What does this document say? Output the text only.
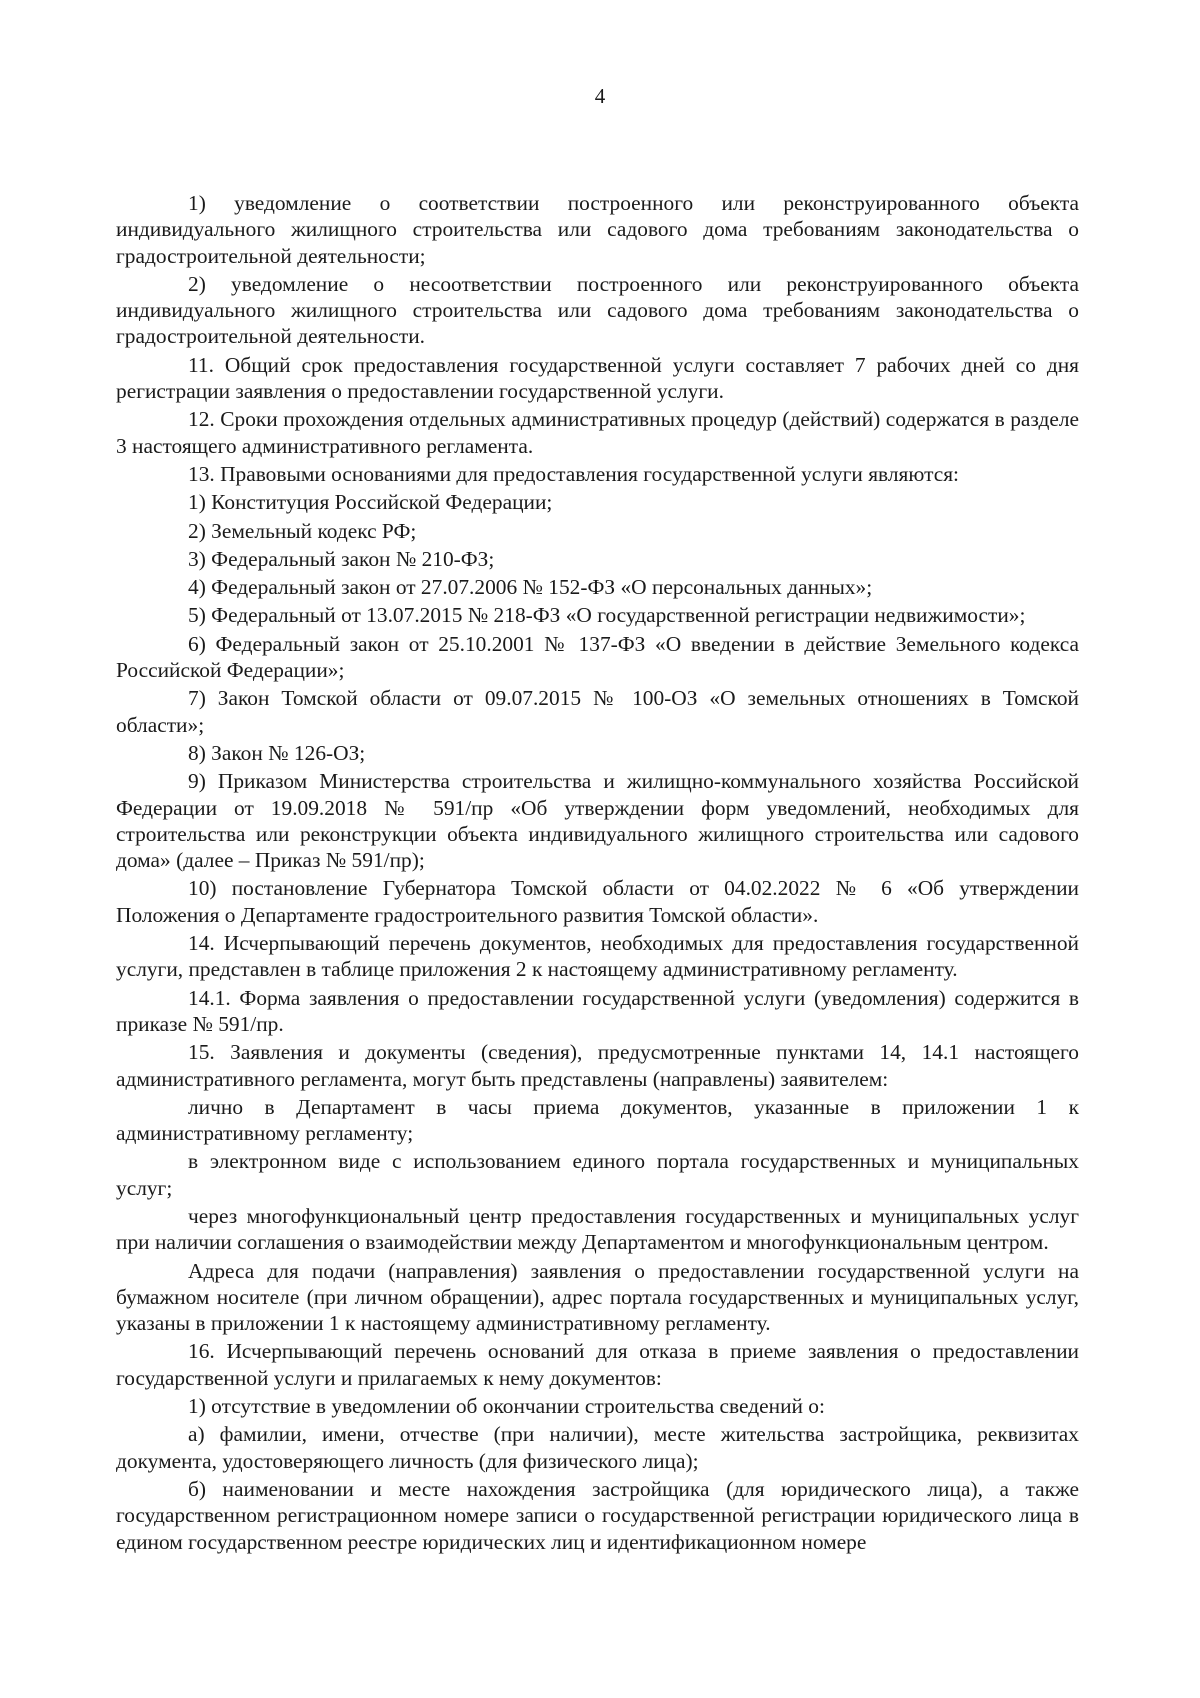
4

1) уведомление о соответствии построенного или реконструированного объекта индивидуального жилищного строительства или садового дома требованиям законодательства о градостроительной деятельности;

2) уведомление о несоответствии построенного или реконструированного объекта индивидуального жилищного строительства или садового дома требованиям законодательства о градостроительной деятельности.

11. Общий срок предоставления государственной услуги составляет 7 рабочих дней со дня регистрации заявления о предоставлении государственной услуги.

12. Сроки прохождения отдельных административных процедур (действий) содержатся в разделе 3 настоящего административного регламента.

13. Правовыми основаниями для предоставления государственной услуги являются:

1) Конституция Российской Федерации;

2) Земельный кодекс РФ;

3) Федеральный закон № 210-ФЗ;

4) Федеральный закон от 27.07.2006 № 152-ФЗ «О персональных данных»;

5) Федеральный от 13.07.2015 № 218-ФЗ «О государственной регистрации недвижимости»;

6) Федеральный закон от 25.10.2001 № 137-ФЗ «О введении в действие Земельного кодекса Российской Федерации»;

7) Закон Томской области от 09.07.2015 № 100-ОЗ «О земельных отношениях в Томской области»;

8) Закон № 126-ОЗ;

9) Приказом Министерства строительства и жилищно-коммунального хозяйства Российской Федерации от 19.09.2018 № 591/пр «Об утверждении форм уведомлений, необходимых для строительства или реконструкции объекта индивидуального жилищного строительства или садового дома» (далее – Приказ № 591/пр);

10) постановление Губернатора Томской области от 04.02.2022 № 6 «Об утверждении Положения о Департаменте градостроительного развития Томской области».

14. Исчерпывающий перечень документов, необходимых для предоставления государственной услуги, представлен в таблице приложения 2 к настоящему административному регламенту.

14.1. Форма заявления о предоставлении государственной услуги (уведомления) содержится в приказе № 591/пр.

15. Заявления и документы (сведения), предусмотренные пунктами 14, 14.1 настоящего административного регламента, могут быть представлены (направлены) заявителем:

лично в Департамент в часы приема документов, указанные в приложении 1 к административному регламенту;

в электронном виде с использованием единого портала государственных и муниципальных услуг;

через многофункциональный центр предоставления государственных и муниципальных услуг при наличии соглашения о взаимодействии между Департаментом и многофункциональным центром.

Адреса для подачи (направления) заявления о предоставлении государственной услуги на бумажном носителе (при личном обращении), адрес портала государственных и муниципальных услуг, указаны в приложении 1 к настоящему административному регламенту.

16. Исчерпывающий перечень оснований для отказа в приеме заявления о предоставлении государственной услуги и прилагаемых к нему документов:

1) отсутствие в уведомлении об окончании строительства сведений о:

а) фамилии, имени, отчестве (при наличии), месте жительства застройщика, реквизитах документа, удостоверяющего личность (для физического лица);

б) наименовании и месте нахождения застройщика (для юридического лица), а также государственном регистрационном номере записи о государственной регистрации юридического лица в едином государственном реестре юридических лиц и идентификационном номере
